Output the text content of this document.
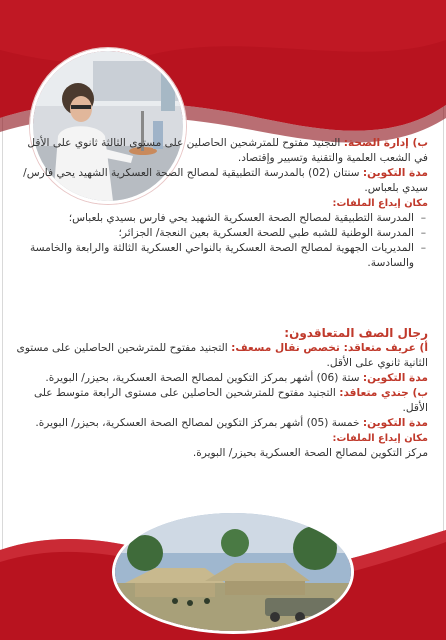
ب) إدارة الصحة: التجنيد مفتوح للمترشحين الحاصلين على مستوى الثالثة ثانوي على الأقل في الشعب العلمية والتقنية وتسيير وإقتصاد.

مدة التكوين: سنتان (02) بالمدرسة التطبيقية لمصالح الصحة العسكرية الشهيد يحي فارس/ سيدي بلعباس.

مكان إيداع الملفات:

– المدرسة التطبيقية لمصالح الصحة العسكرية الشهيد يحي فارس بسيدي بلعباس؛
– المدرسة الوطنية للشبه طبي للصحة العسكرية بعين النعجة/ الجزائر؛
– المديريات الجهوية لمصالح الصحة العسكرية بالنواحي العسكرية الثالثة والرابعة والخامسة والسادسة.

رجال الصف المتعاقدون:

أ) عريف متعاقد: تخصص نقال مسعف: التجنيد مفتوح للمترشحين الحاصلين على مستوى الثانية ثانوي على الأقل.

مدة التكوين: ستة (06) أشهر بمركز التكوين لمصالح الصحة العسكرية، بحيزر/ البويرة.

ب) جندي متعاقد: التجنيد مفتوح للمترشحين الحاصلين على مستوى الرابعة متوسط على الأقل.

مدة التكوين: خمسة (05) أشهر بمركز التكوين لمصالح الصحة العسكرية، بحيزر/ البويرة.

مكان إيداع الملفات:

مركز التكوين لمصالح الصحة العسكرية بحيزر/ البويرة.
